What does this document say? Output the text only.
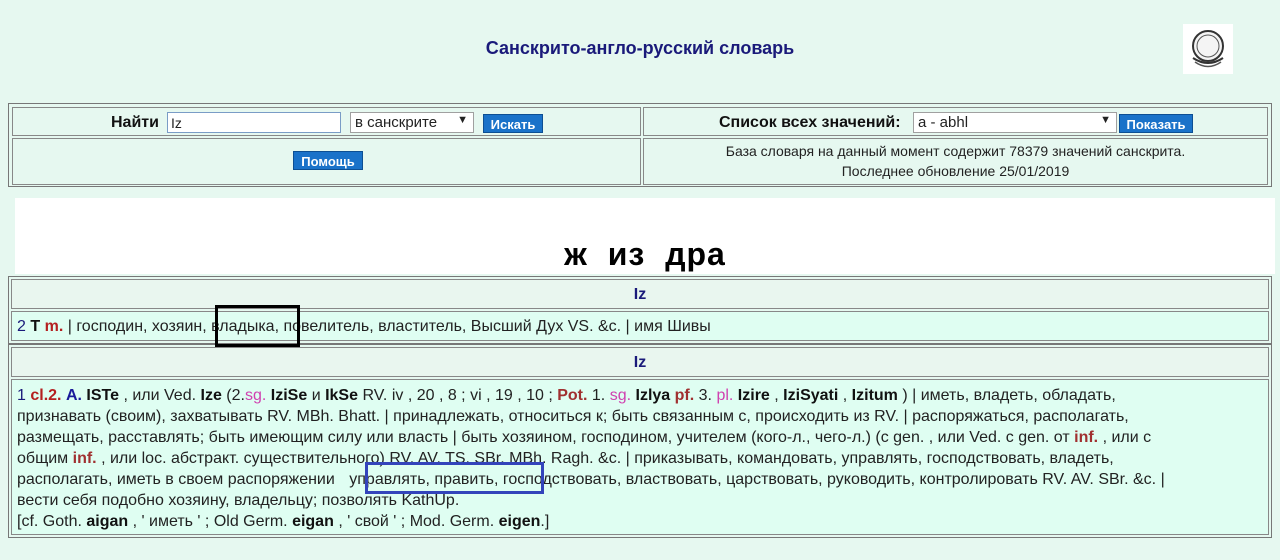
Санскрито-англо-русский словарь
Найти Iz	в санскрите ▼	Искать	Список всех значений:	a - abhl	▼	Показать
Помощь
База словаря на данный момент содержит 78379 значений санскрита.
Последнее обновление 25/01/2019
ж из дра
Iz
2 T m. | господин, хозяин, владыка, повелитель, властитель, Высший Дух VS. &c. | имя Шивы
Iz
1 cl.2. A. ISTe , или Ved. Ize (2.sg. IziSe и IkSe RV. iv , 20 , 8 ; vi , 19 , 10 ; Pot. 1. sg. Izlya pf. 3. pl. Izire , IziSyati , Izitum ) | иметь, владеть, обладать,
признавать (своим), захватывать RV. MBh. Bhatt. | принадлежать, относиться к; быть связанным с, происходить из RV. | распоряжаться, располагать,
размещать, расставлять; быть имеющим силу или власть | быть хозяином, господином, учителем (кого-л., чего-л.) (с gen. , или Ved. с gen. от inf. , или с
общим inf. , или loc. абстракт. существительного) RV. AV. TS. SBr. MBh. Ragh. &c. | приказывать, командовать, управлять, господствовать, владеть,
располагать, иметь в своем распоряжении управлять, править, господствовать, властвовать, царствовать, руководить, контролировать RV. AV. SBr. &c. |
вести себя подобно хозяину, владельцу; позволять KathUp.
[cf. Goth. aigan , ' иметь ' ; Old Germ. eigan , ' свой ' ; Mod. Germ. eigen.]
